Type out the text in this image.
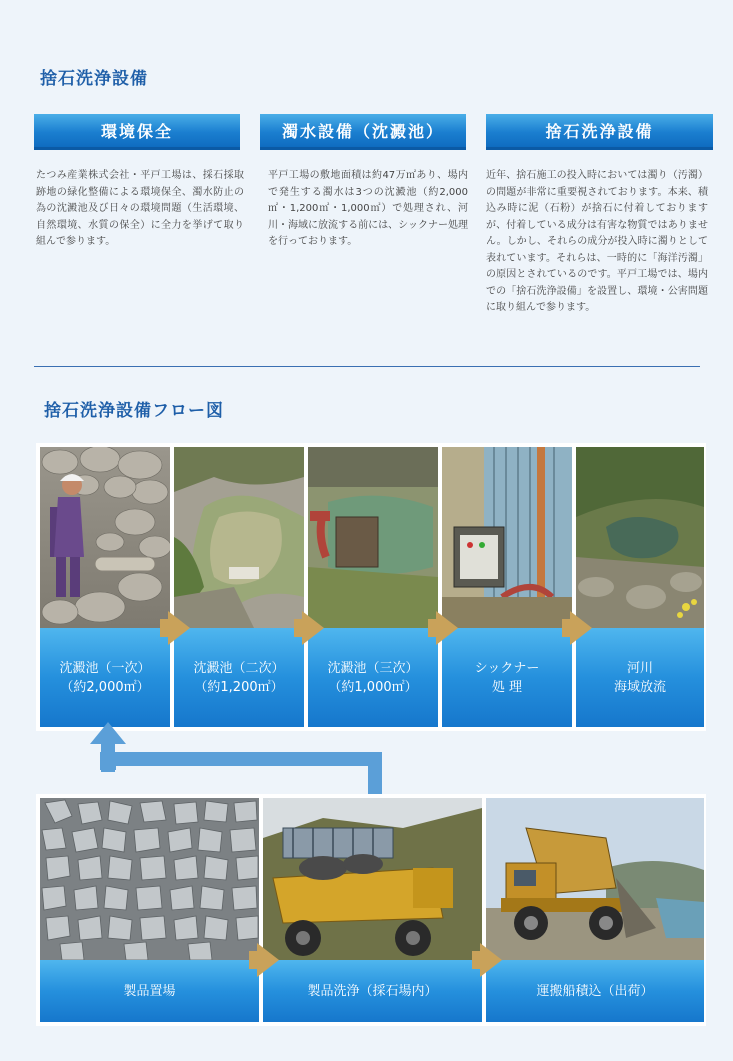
捨石洗浄設備
環境保全	濁水設備（沈澱池）	捨石洗浄設備
たつみ産業株式会社・平戸工場は、採石採取跡地の緑化整備による環境保全、濁水防止の為の沈澱池及び日々の環境問題（生活環境、自然環境、水質の保全）に全力を挙げて取り組んで参ります。
平戸工場の敷地面積は約47万㎡あり、場内で発生する濁水は3つの沈澱池（約2,000㎡・1,200㎡・1,000㎡）で処理され、河川・海域に放流する前には、シックナー処理を行っております。
近年、捨石施工の投入時においては濁り（汚濁）の問題が非常に重要視されております。本来、積込み時に泥（石粉）が捨石に付着しておりますが、付着している成分は有害な物質ではありません。しかし、それらの成分が投入時に濁りとして表れています。それらは、一時的に「海洋汚濁」の原因とされているのです。平戸工場では、場内での「捨石洗浄設備」を設置し、環境・公害問題に取り組んで参ります。
捨石洗浄設備フロー図
沈澱池（一次）
（約2,000㎡）
沈澱池（二次）
（約1,200㎡）
沈澱池（三次）
（約1,000㎡）
シックナー
処 理
河川
海域放流
製品置場	製品洗浄（採石場内）	運搬船積込（出荷）
